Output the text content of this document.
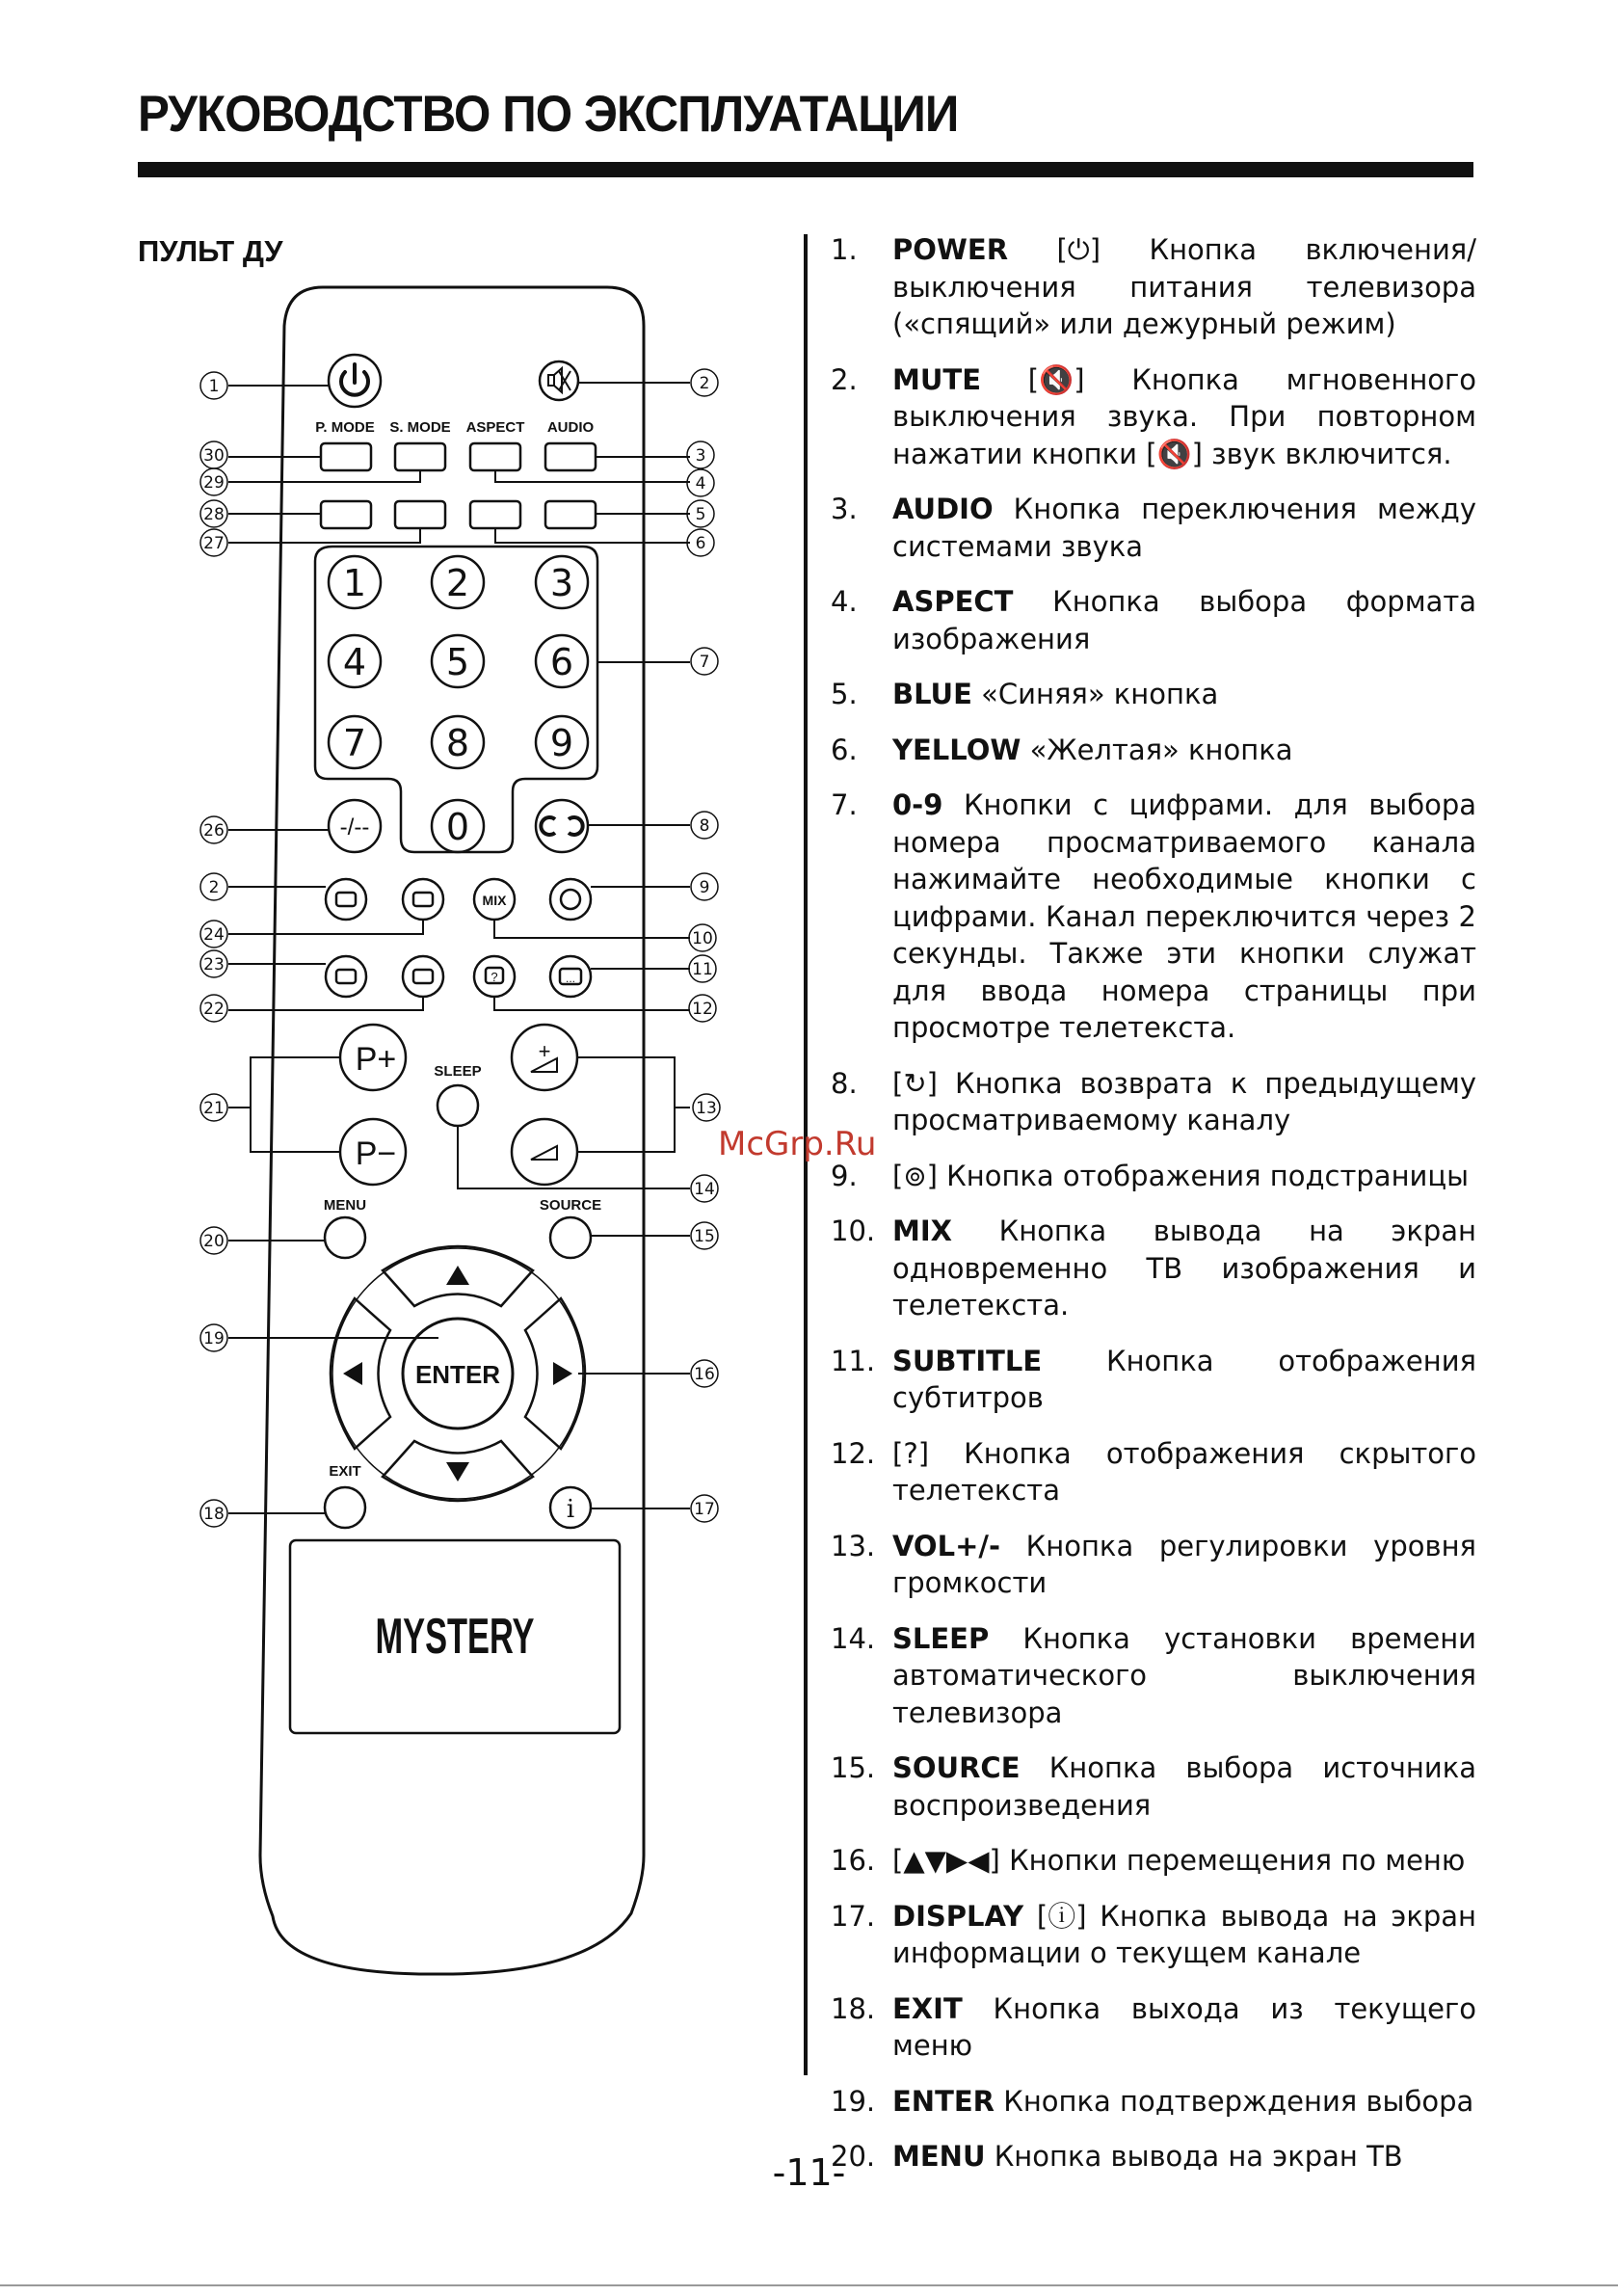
РУКОВОДСТВО ПО ЭКСПЛУАТАЦИИ
ПУЛЬТ ДУ
P. MODE S. MODE ASPECT AUDIO
1 2 3
4 5 6
7 8 9
0
-/--
MIX
?	...
P+
P−
SLEEP
+
MENU	SOURCE
ENTER
EXIT
i
MYSTERY
1	2
3
4
5
6
7
8
9
10
11
12
13
14
15
16
17
18
19
20
21
22
23
24
2
26
27
28
29
30
McGrp.Ru
1. POWER [⏻] Кнопка включения/выключения питания телевизора («спящий» или дежурный режим)
2. MUTE [🔇] Кнопка мгновенного выключения звука. При повторном нажатии кнопки [🔇] звук включится.
3. AUDIO Кнопка переключения между системами звука
4. ASPECT Кнопка выбора формата изображения
5. BLUE «Синяя» кнопка
6. YELLOW «Желтая» кнопка
7. 0-9 Кнопки с цифрами. для выбора номера просматриваемого канала нажимайте необходимые кнопки с цифрами. Канал переключится через 2 секунды. Также эти кнопки служат для ввода номера страницы при просмотре телетекста.
8. [↻] Кнопка возврата к предыдущему просматриваемому каналу
9. [⊚] Кнопка отображения подстраницы
10. MIX Кнопка вывода на экран одновременно ТВ изображения и телетекста.
11. SUBTITLE Кнопка отображения субтитров
12. [?] Кнопка отображения скрытого телетекста
13. VOL+/- Кнопка регулировки уровня громкости
14. SLEEP Кнопка установки времени автоматического выключения телевизора
15. SOURCE Кнопка выбора источника воспроизведения
16. [▲▼▶◀] Кнопки перемещения по меню
17. DISPLAY [ⓘ] Кнопка вывода на экран информации о текущем канале
18. EXIT Кнопка выхода из текущего меню
19. ENTER Кнопка подтверждения выбора
20. MENU Кнопка вывода на экран ТВ
-11-
